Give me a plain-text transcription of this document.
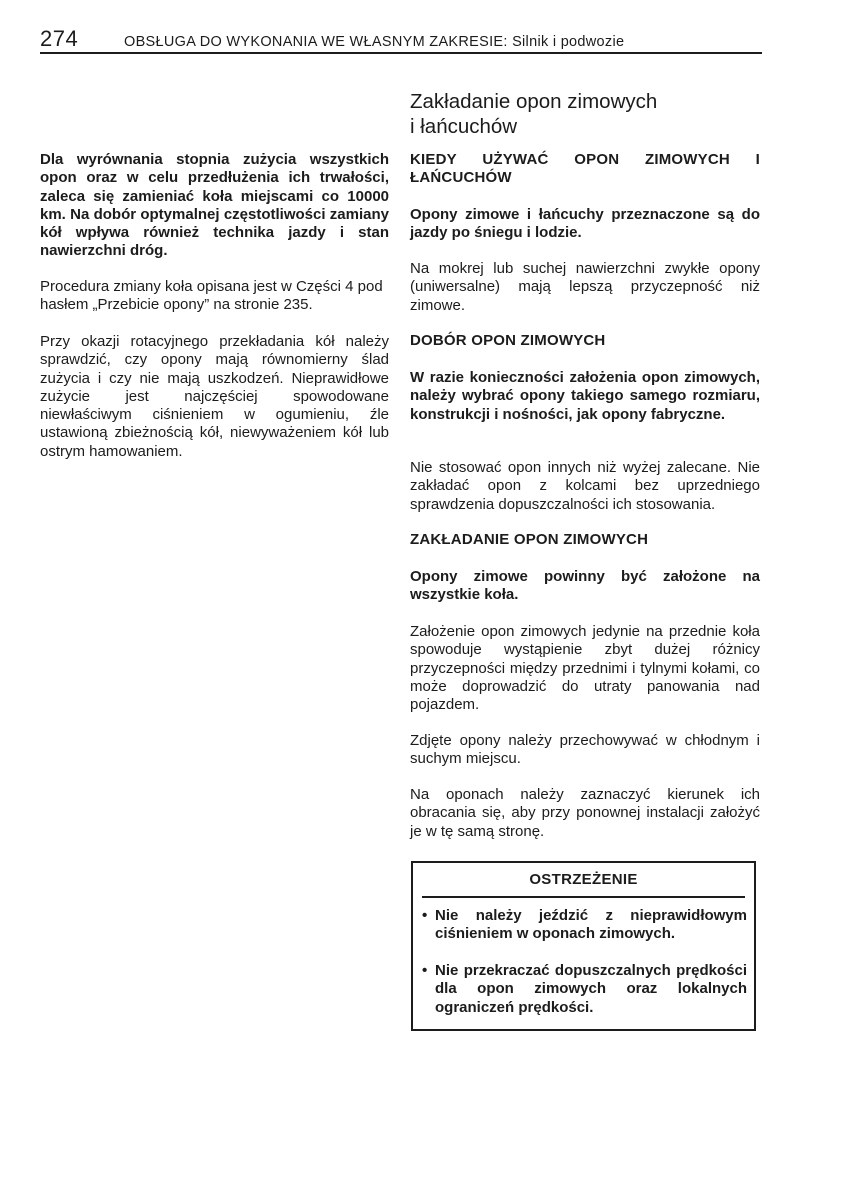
274	OBSŁUGA DO WYKONANIA WE WŁASNYM ZAKRESIE: Silnik i podwozie

Dla wyrównania stopnia zużycia wszystkich opon oraz w celu przedłużenia ich trwałości, zaleca się zamieniać koła miejscami co 10000 km. Na dobór optymalnej częstotliwości zamiany kół wpływa również technika jazdy i stan nawierzchni dróg.

Procedura zmiany koła opisana jest w Części 4 pod hasłem „Przebicie opony” na stronie 235.

Przy okazji rotacyjnego przekładania kół należy sprawdzić, czy opony mają równomierny ślad zużycia i czy nie mają uszkodzeń. Nieprawidłowe zużycie jest najczęściej spowodowane niewłaściwym ciśnieniem w ogumieniu, źle ustawioną zbieżnością kół, niewyważeniem kół lub ostrym hamowaniem.

Zakładanie opon zimowych
i łańcuchów

KIEDY UŻYWAĆ OPON ZIMOWYCH I ŁAŃCUCHÓW

Opony zimowe i łańcuchy przeznaczone są do jazdy po śniegu i lodzie.

Na mokrej lub suchej nawierzchni zwykłe opony (uniwersalne) mają lepszą przyczepność niż zimowe.

DOBÓR OPON ZIMOWYCH

W razie konieczności założenia opon zimowych, należy wybrać opony takiego samego rozmiaru, konstrukcji i nośności, jak opony fabryczne.

Nie stosować opon innych niż wyżej zalecane. Nie zakładać opon z kolcami bez uprzedniego sprawdzenia dopuszczalności ich stosowania.

ZAKŁADANIE OPON ZIMOWYCH

Opony zimowe powinny być założone na wszystkie koła.

Założenie opon zimowych jedynie na przednie koła spowoduje wystąpienie zbyt dużej różnicy przyczepności między przednimi i tylnymi kołami, co może doprowadzić do utraty panowania nad pojazdem.

Zdjęte opony należy przechowywać w chłodnym i suchym miejscu.

Na oponach należy zaznaczyć kierunek ich obracania się, aby przy ponownej instalacji założyć je w tę samą stronę.

OSTRZEŻENIE
• Nie należy jeździć z nieprawidłowym ciśnieniem w oponach zimowych.
• Nie przekraczać dopuszczalnych prędkości dla opon zimowych oraz lokalnych ograniczeń prędkości.
